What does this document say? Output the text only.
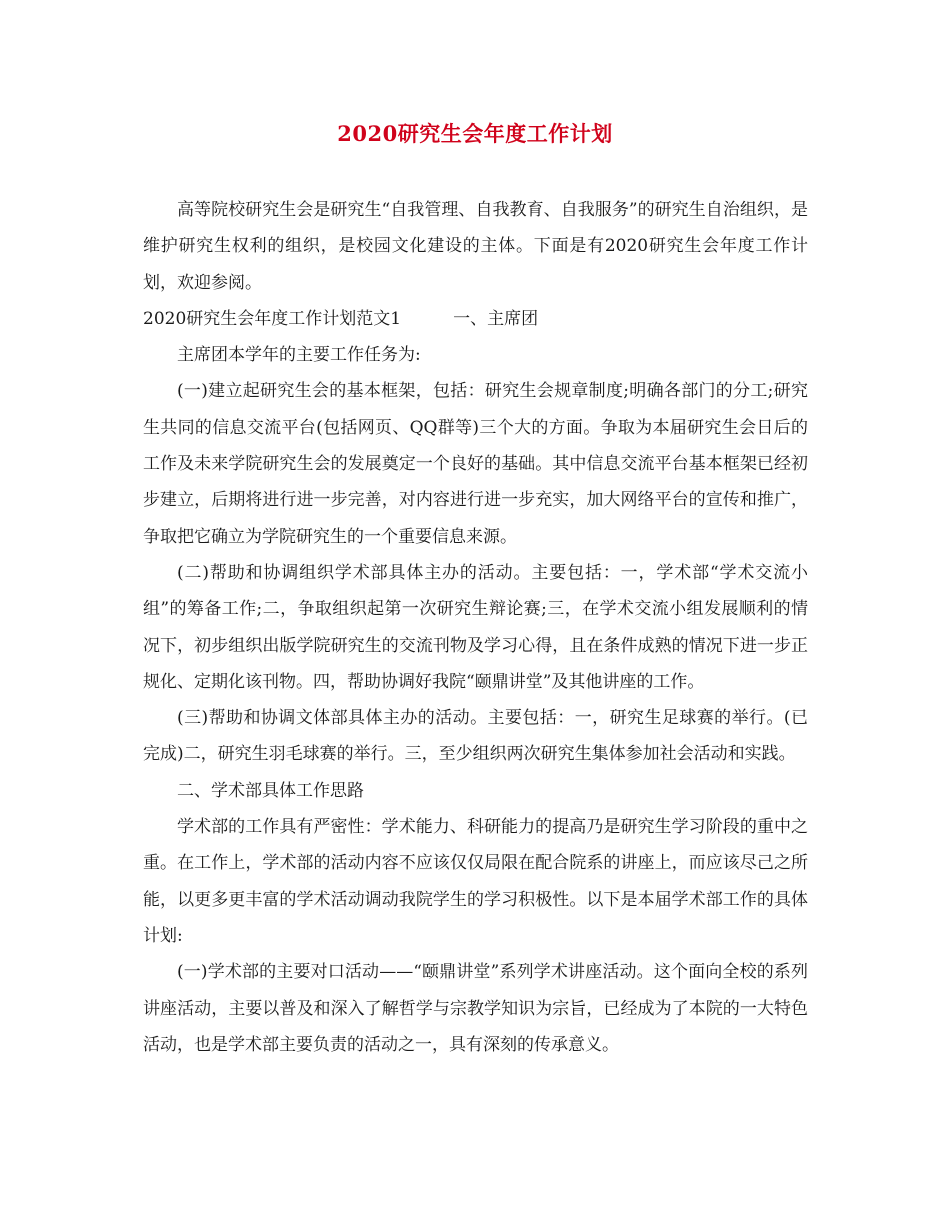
2020研究生会年度工作计划

高等院校研究生会是研究生“自我管理、自我教育、自我服务”的研究生自治组织，是维护研究生权利的组织，是校园文化建设的主体。下面是有2020研究生会年度工作计划，欢迎参阅。

2020研究生会年度工作计划范文1	一、主席团

主席团本学年的主要工作任务为:

(一)建立起研究生会的基本框架，包括：研究生会规章制度;明确各部门的分工;研究生共同的信息交流平台(包括网页、QQ群等)三个大的方面。争取为本届研究生会日后的工作及未来学院研究生会的发展奠定一个良好的基础。其中信息交流平台基本框架已经初步建立，后期将进行进一步完善，对内容进行进一步充实，加大网络平台的宣传和推广，争取把它确立为学院研究生的一个重要信息来源。

(二)帮助和协调组织学术部具体主办的活动。主要包括：一，学术部“学术交流小组”的筹备工作;二，争取组织起第一次研究生辩论赛;三，在学术交流小组发展顺利的情况下，初步组织出版学院研究生的交流刊物及学习心得，且在条件成熟的情况下进一步正规化、定期化该刊物。四，帮助协调好我院“颐鼎讲堂”及其他讲座的工作。

(三)帮助和协调文体部具体主办的活动。主要包括：一，研究生足球赛的举行。(已完成)二，研究生羽毛球赛的举行。三，至少组织两次研究生集体参加社会活动和实践。

二、学术部具体工作思路

学术部的工作具有严密性：学术能力、科研能力的提高乃是研究生学习阶段的重中之重。在工作上，学术部的活动内容不应该仅仅局限在配合院系的讲座上，而应该尽己之所能，以更多更丰富的学术活动调动我院学生的学习积极性。以下是本届学术部工作的具体计划:

(一)学术部的主要对口活动——“颐鼎讲堂”系列学术讲座活动。这个面向全校的系列讲座活动，主要以普及和深入了解哲学与宗教学知识为宗旨，已经成为了本院的一大特色活动，也是学术部主要负责的活动之一，具有深刻的传承意义。
